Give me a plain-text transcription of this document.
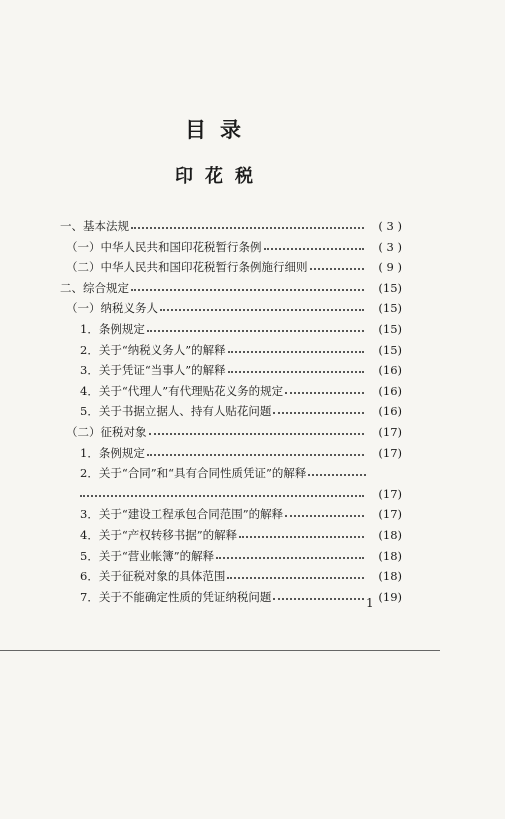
目录
印花税
一、基本法规	( 3 )
（一）中华人民共和国印花税暂行条例	( 3 )
（二）中华人民共和国印花税暂行条例施行细则	( 9 )
二、综合规定	(15)
（一）纳税义务人	(15)
1．条例规定	(15)
2．关于“纳税义务人”的解释	(15)
3．关于凭证“当事人”的解释	(16)
4．关于“代理人”有代理贴花义务的规定	(16)
5．关于书据立据人、持有人贴花问题	(16)
（二）征税对象	(17)
1．条例规定	(17)
2．关于“合同”和“具有合同性质凭证”的解释
(17)
3．关于“建设工程承包合同范围”的解释	(17)
4．关于“产权转移书据”的解释	(18)
5．关于“营业帐簿”的解释	(18)
6．关于征税对象的具体范围	(18)
7．关于不能确定性质的凭证纳税问题	(19)
1
